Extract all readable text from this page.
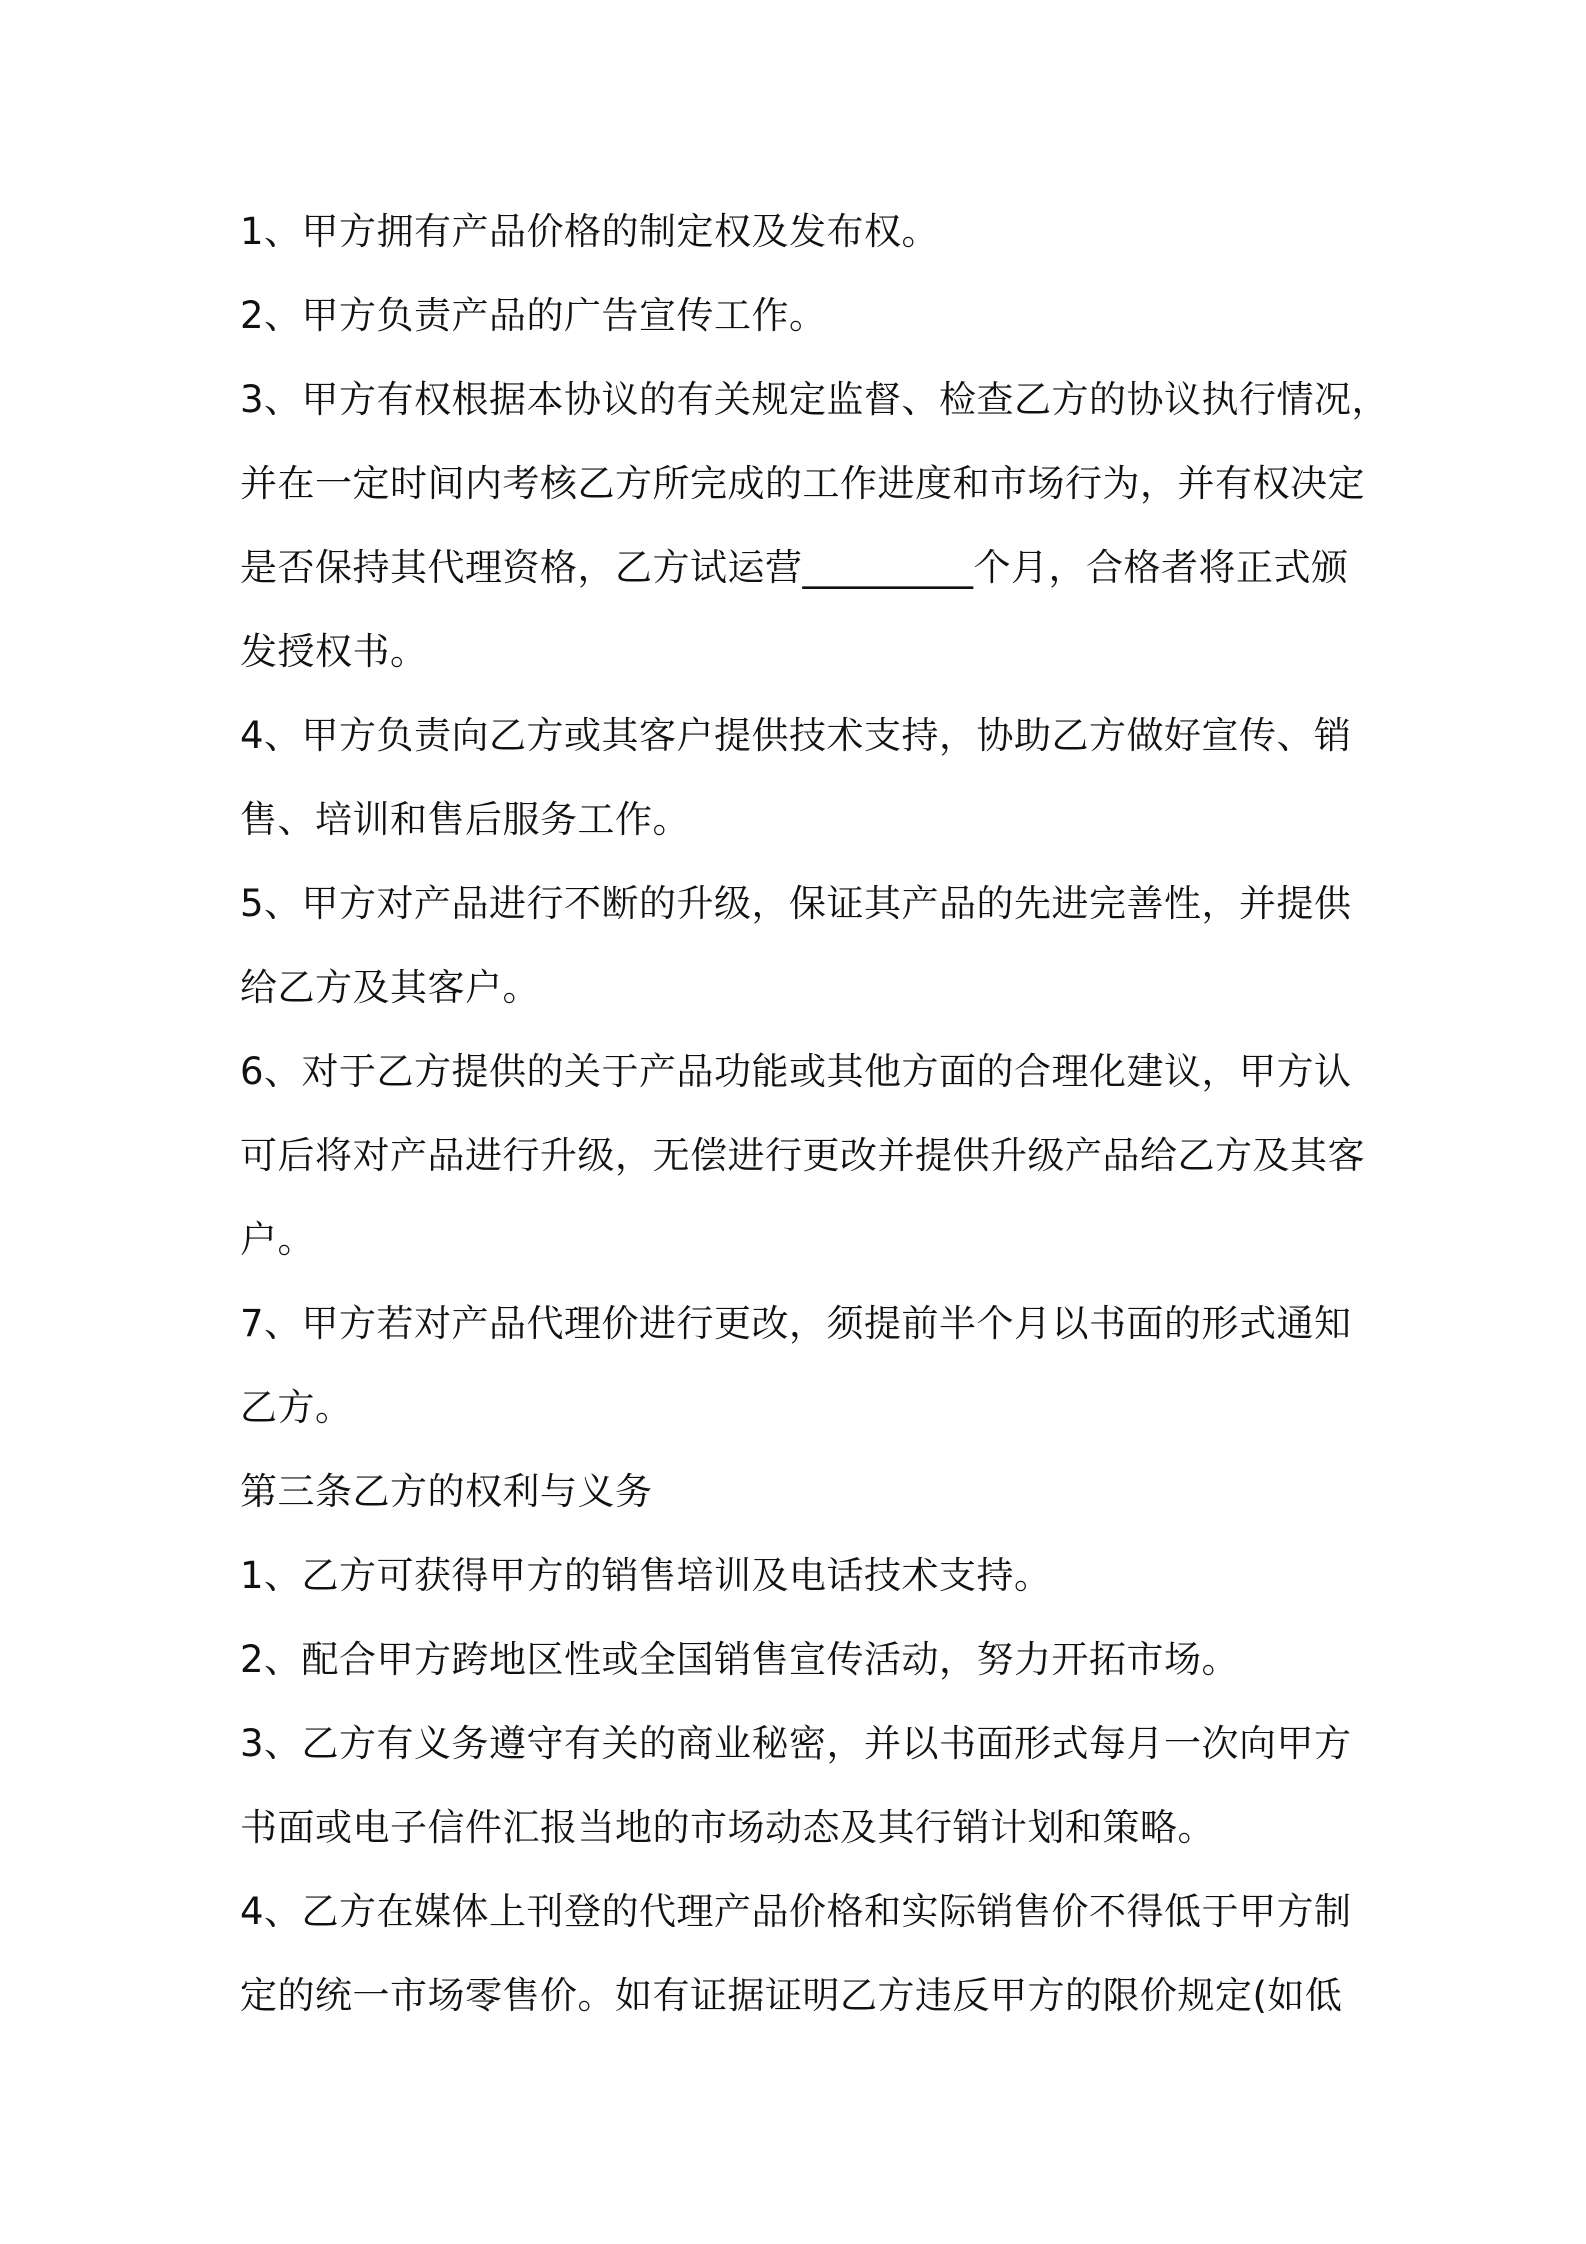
1、甲方拥有产品价格的制定权及发布权。

2、甲方负责产品的广告宣传工作。

3、甲方有权根据本协议的有关规定监督、检查乙方的协议执行情况，

并在一定时间内考核乙方所完成的工作进度和市场行为，并有权决定

是否保持其代理资格，乙方试运营_________个月，合格者将正式颁

发授权书。

4、甲方负责向乙方或其客户提供技术支持，协助乙方做好宣传、销

售、培训和售后服务工作。

5、甲方对产品进行不断的升级，保证其产品的先进完善性，并提供

给乙方及其客户。

6、对于乙方提供的关于产品功能或其他方面的合理化建议，甲方认

可后将对产品进行升级，无偿进行更改并提供升级产品给乙方及其客

户。

7、甲方若对产品代理价进行更改，须提前半个月以书面的形式通知

乙方。

第三条乙方的权利与义务

1、乙方可获得甲方的销售培训及电话技术支持。

2、配合甲方跨地区性或全国销售宣传活动，努力开拓市场。

3、乙方有义务遵守有关的商业秘密，并以书面形式每月一次向甲方

书面或电子信件汇报当地的市场动态及其行销计划和策略。

4、乙方在媒体上刊登的代理产品价格和实际销售价不得低于甲方制

定的统一市场零售价。如有证据证明乙方违反甲方的限价规定(如低
